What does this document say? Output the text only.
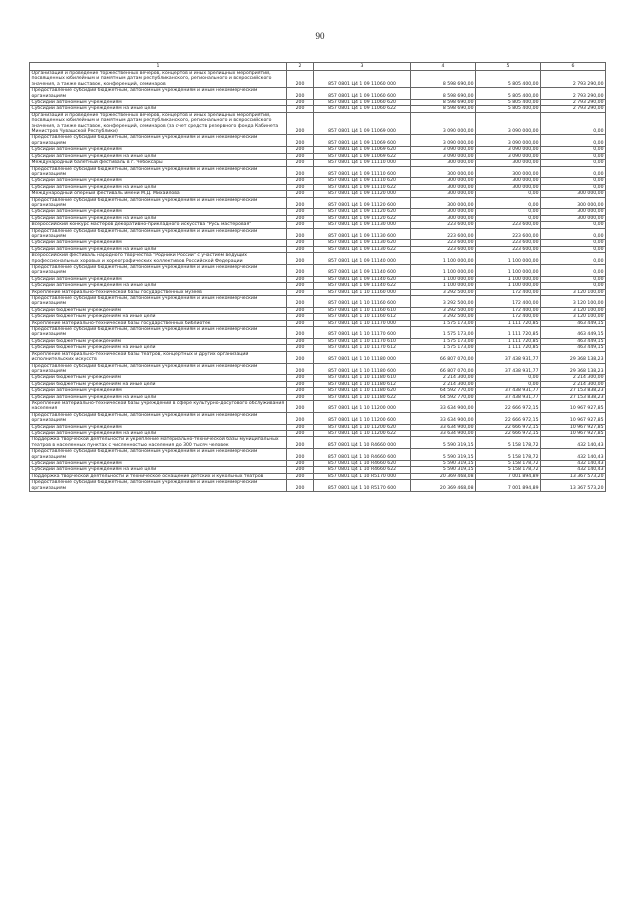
90
1	2	3	4	5	6
Организация и проведение торжественных вечеров, концертов и иных зрелищных мероприятий, посвященных юбилейным и памятным датам республиканского, регионального и всероссийского значения, а также выставок, конференций, семинаров	200	857 0801 Ц4 1 09 11060 000	8 598 690,00	5 805 400,00	2 793 290,00
Предоставление субсидий бюджетным, автономным учреждениям и иным некоммерческим организациям	200	857 0801 Ц4 1 09 11060 600	8 598 690,00	5 805 400,00	2 793 290,00
Субсидии автономным учреждениям	200	857 0801 Ц4 1 09 11060 620	8 598 690,00	5 805 400,00	2 793 290,00
Субсидии автономным учреждениям на иные цели	200	857 0801 Ц4 1 09 11060 622	8 598 690,00	5 805 400,00	2 793 290,00
Организация и проведение торжественных вечеров, концертов и иных зрелищных мероприятий, посвященных юбилейным и памятным датам республиканского, регионального и всероссийского значения, а также выставок, конференций, семинаров (за счет средств резервного фонда Кабинета Министров Чувашской Республики)	200	857 0801 Ц4 1 09 11069 000	3 090 000,00	3 090 000,00	0,00
Предоставление субсидий бюджетным, автономным учреждениям и иным некоммерческим организациям	200	857 0801 Ц4 1 09 11069 600	3 090 000,00	3 090 000,00	0,00
Субсидии автономным учреждениям	200	857 0801 Ц4 1 09 11069 620	3 090 000,00	3 090 000,00	0,00
Субсидии автономным учреждениям на иные цели	200	857 0801 Ц4 1 09 11069 622	3 090 000,00	3 090 000,00	0,00
Международный балетный фестиваль в г. Чебоксары	200	857 0801 Ц4 1 09 11110 000	300 000,00	300 000,00	0,00
Предоставление субсидий бюджетным, автономным учреждениям и иным некоммерческим организациям	200	857 0801 Ц4 1 09 11110 600	300 000,00	300 000,00	0,00
Субсидии автономным учреждениям	200	857 0801 Ц4 1 09 11110 620	300 000,00	300 000,00	0,00
Субсидии автономным учреждениям на иные цели	200	857 0801 Ц4 1 09 11110 622	300 000,00	300 000,00	0,00
Международный оперный фестиваль имени М.Д. Михайлова	200	857 0801 Ц4 1 09 11120 000	300 000,00	0,00	300 000,00
Предоставление субсидий бюджетным, автономным учреждениям и иным некоммерческим организациям	200	857 0801 Ц4 1 09 11120 600	300 000,00	0,00	300 000,00
Субсидии автономным учреждениям	200	857 0801 Ц4 1 09 11120 620	300 000,00	0,00	300 000,00
Субсидии автономным учреждениям на иные цели	200	857 0801 Ц4 1 09 11120 622	300 000,00	0,00	300 000,00
Всероссийский конкурс мастеров декоративно-прикладного искусства "Русь мастеровая"	200	857 0801 Ц4 1 09 11130 000	223 600,00	223 600,00	0,00
Предоставление субсидий бюджетным, автономным учреждениям и иным некоммерческим организациям	200	857 0801 Ц4 1 09 11130 600	223 600,00	223 600,00	0,00
Субсидии автономным учреждениям	200	857 0801 Ц4 1 09 11130 620	223 600,00	223 600,00	0,00
Субсидии автономным учреждениям на иные цели	200	857 0801 Ц4 1 09 11130 622	223 600,00	223 600,00	0,00
Всероссийский фестиваль народного творчества "Родники России" с участием ведущих профессиональных хоровых и хореографических коллективов Российской Федерации	200	857 0801 Ц4 1 09 11140 000	1 100 000,00	1 100 000,00	0,00
Предоставление субсидий бюджетным, автономным учреждениям и иным некоммерческим организациям	200	857 0801 Ц4 1 09 11140 600	1 100 000,00	1 100 000,00	0,00
Субсидии автономным учреждениям	200	857 0801 Ц4 1 09 11140 620	1 100 000,00	1 100 000,00	0,00
Субсидии автономным учреждениям на иные цели	200	857 0801 Ц4 1 09 11140 622	1 100 000,00	1 100 000,00	0,00
Укрепление материально-технической базы государственных музеев	200	857 0801 Ц4 1 10 11160 000	3 292 500,00	172 400,00	3 120 100,00
Предоставление субсидий бюджетным, автономным учреждениям и иным некоммерческим организациям	200	857 0801 Ц4 1 10 11160 600	3 292 500,00	172 400,00	3 120 100,00
Субсидии бюджетным учреждениям	200	857 0801 Ц4 1 10 11160 610	3 292 500,00	172 400,00	3 120 100,00
Субсидии бюджетным учреждениям на иные цели	200	857 0801 Ц4 1 10 11160 612	3 292 500,00	172 400,00	3 120 100,00
Укрепление материально-технической базы государственных библиотек	200	857 0801 Ц4 1 10 11170 000	1 575 173,00	1 111 720,85	463 449,15
Предоставление субсидий бюджетным, автономным учреждениям и иным некоммерческим организациям	200	857 0801 Ц4 1 10 11170 600	1 575 173,00	1 111 720,85	463 449,15
Субсидии бюджетным учреждениям	200	857 0801 Ц4 1 10 11170 610	1 575 173,00	1 111 720,85	463 449,15
Субсидии бюджетным учреждениям на иные цели	200	857 0801 Ц4 1 10 11170 612	1 575 173,00	1 111 720,85	463 449,15
Укрепление материально-технической базы театров, концертных и других организаций исполнительских искусств	200	857 0801 Ц4 1 10 11180 000	66 807 070,00	37 438 931,77	29 368 138,23
Предоставление субсидий бюджетным, автономным учреждениям и иным некоммерческим организациям	200	857 0801 Ц4 1 10 11180 600	66 807 070,00	37 438 931,77	29 368 138,23
Субсидии бюджетным учреждениям	200	857 0801 Ц4 1 10 11180 610	2 214 300,00	0,00	2 214 300,00
Субсидии бюджетным учреждениям на иные цели	200	857 0801 Ц4 1 10 11180 612	2 214 300,00	0,00	2 214 300,00
Субсидии автономным учреждениям	200	857 0801 Ц4 1 10 11180 620	64 592 770,00	37 438 931,77	27 153 838,23
Субсидии автономным учреждениям на иные цели	200	857 0801 Ц4 1 10 11180 622	64 592 770,00	37 438 931,77	27 153 838,23
Укрепление материально-технической базы учреждений в сфере культурно-досугового обслуживания населения	200	857 0801 Ц4 1 10 11200 000	33 634 900,00	22 666 972,15	10 967 927,85
Предоставление субсидий бюджетным, автономным учреждениям и иным некоммерческим организациям	200	857 0801 Ц4 1 10 11200 600	33 634 900,00	22 666 972,15	10 967 927,85
Субсидии автономным учреждениям	200	857 0801 Ц4 1 10 11200 620	33 634 900,00	22 666 972,15	10 967 927,85
Субсидии автономным учреждениям на иные цели	200	857 0801 Ц4 1 10 11200 622	33 634 900,00	22 666 972,15	10 967 927,85
Поддержка творческой деятельности и укрепление материально-технической базы муниципальных театров в населенных пунктах с численностью населения до 300 тысяч человек	200	857 0801 Ц4 1 10 R4660 000	5 590 319,15	5 158 178,72	432 140,43
Предоставление субсидий бюджетным, автономным учреждениям и иным некоммерческим организациям	200	857 0801 Ц4 1 10 R4660 600	5 590 319,15	5 158 178,72	432 140,43
Субсидии автономным учреждениям	200	857 0801 Ц4 1 10 R4660 620	5 590 319,15	5 158 178,72	432 140,43
Субсидии автономным учреждениям на иные цели	200	857 0801 Ц4 1 10 R4660 622	5 590 319,15	5 158 178,72	432 140,43
Поддержка творческой деятельности и техническое оснащение детских и кукольных театров	200	857 0801 Ц4 1 10 R5170 000	20 369 468,08	7 001 894,89	13 367 573,20
Предоставление субсидий бюджетным, автономным учреждениям и иным некоммерческим организациям	200	857 0801 Ц4 1 10 R5170 600	20 369 468,08	7 001 894,89	13 367 573,20
